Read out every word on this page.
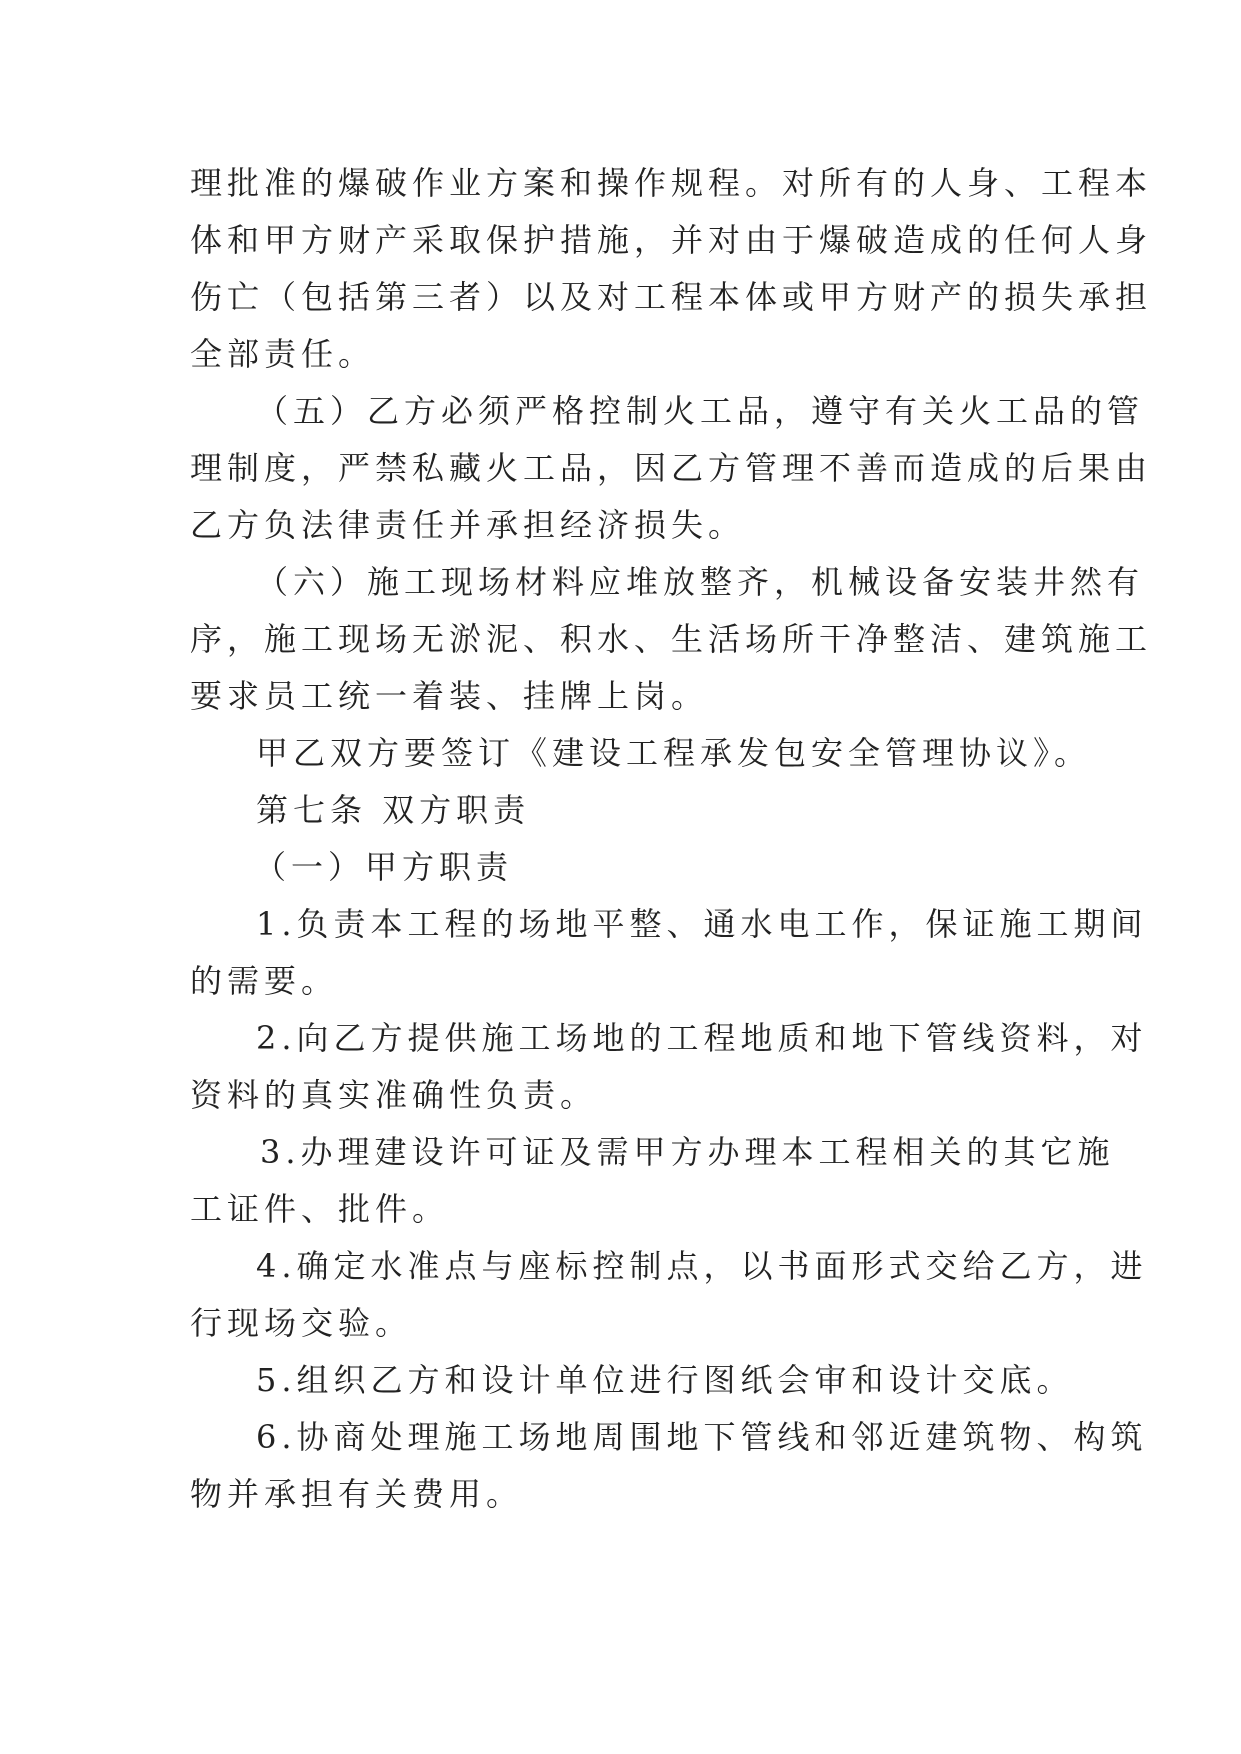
理批准的爆破作业方案和操作规程。对所有的人身、工程本
体和甲方财产采取保护措施，并对由于爆破造成的任何人身
伤亡（包括第三者）以及对工程本体或甲方财产的损失承担
全部责任。
（五）乙方必须严格控制火工品，遵守有关火工品的管
理制度，严禁私藏火工品，因乙方管理不善而造成的后果由
乙方负法律责任并承担经济损失。
（六）施工现场材料应堆放整齐，机械设备安装井然有
序，施工现场无淤泥、积水、生活场所干净整洁、建筑施工
要求员工统一着装、挂牌上岗。
甲乙双方要签订《建设工程承发包安全管理协议》。
第七条 双方职责
（一）甲方职责
1.负责本工程的场地平整、通水电工作，保证施工期间
的需要。
2.向乙方提供施工场地的工程地质和地下管线资料，对
资料的真实准确性负责。
3.办理建设许可证及需甲方办理本工程相关的其它施
工证件、批件。
4.确定水准点与座标控制点，以书面形式交给乙方，进
行现场交验。
5.组织乙方和设计单位进行图纸会审和设计交底。
6.协商处理施工场地周围地下管线和邻近建筑物、构筑
物并承担有关费用。
